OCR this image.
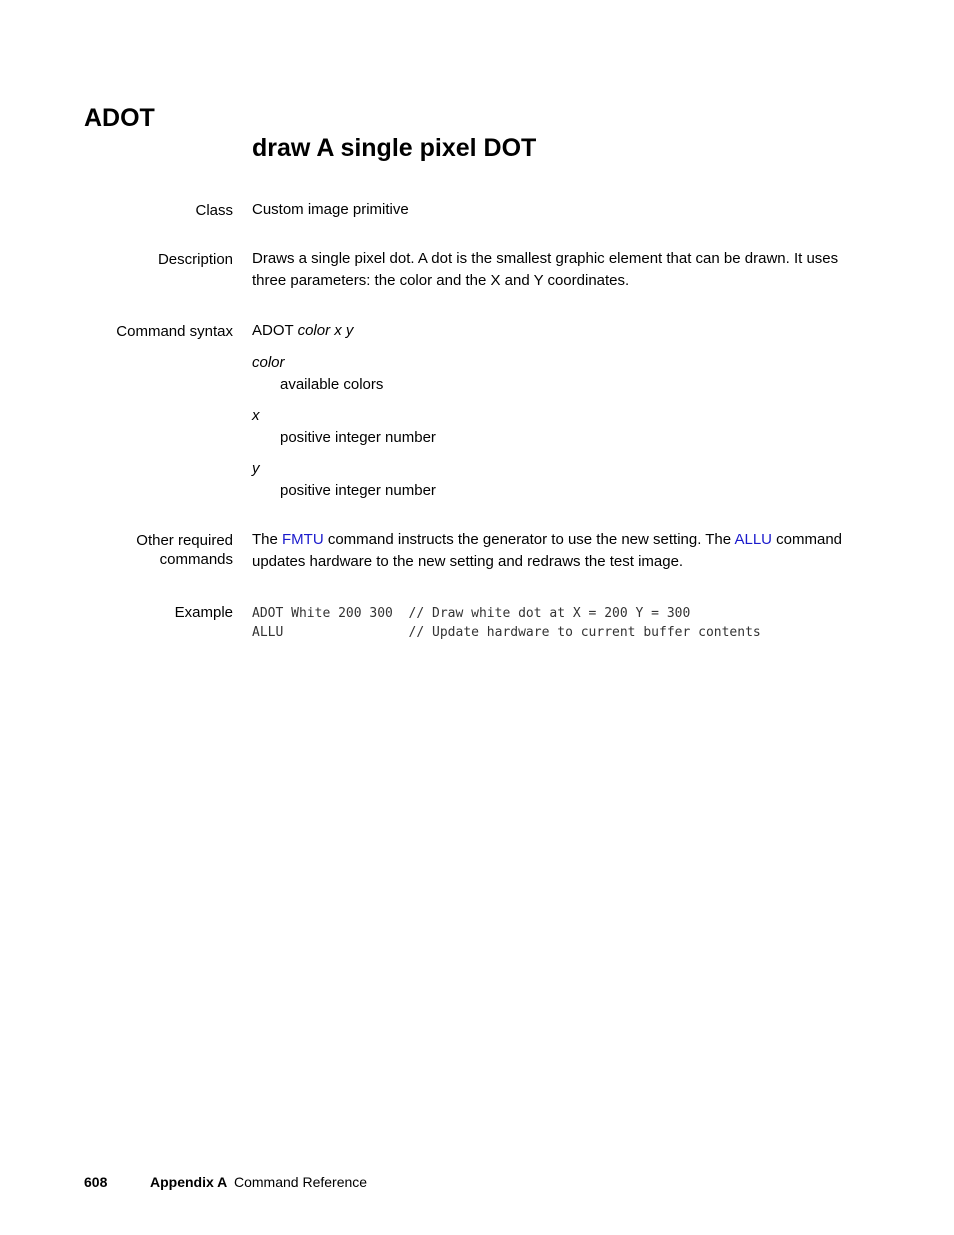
ADOT
draw A single pixel DOT
Class Custom image primitive
Description Draws a single pixel dot. A dot is the smallest graphic element that can be drawn. It uses
three parameters: the color and the X and Y coordinates.
Command syntax ADOT color x y
color
available colors
x
positive integer number
y
positive integer number
Other required
commands
The FMTU command instructs the generator to use the new setting. The ALLU command
updates hardware to the new setting and redraws the test image.
Example ADOT White 200 300  // Draw white dot at X = 200 Y = 300
ALLU                // Update hardware to current buffer contents
608	Appendix A Command Reference
